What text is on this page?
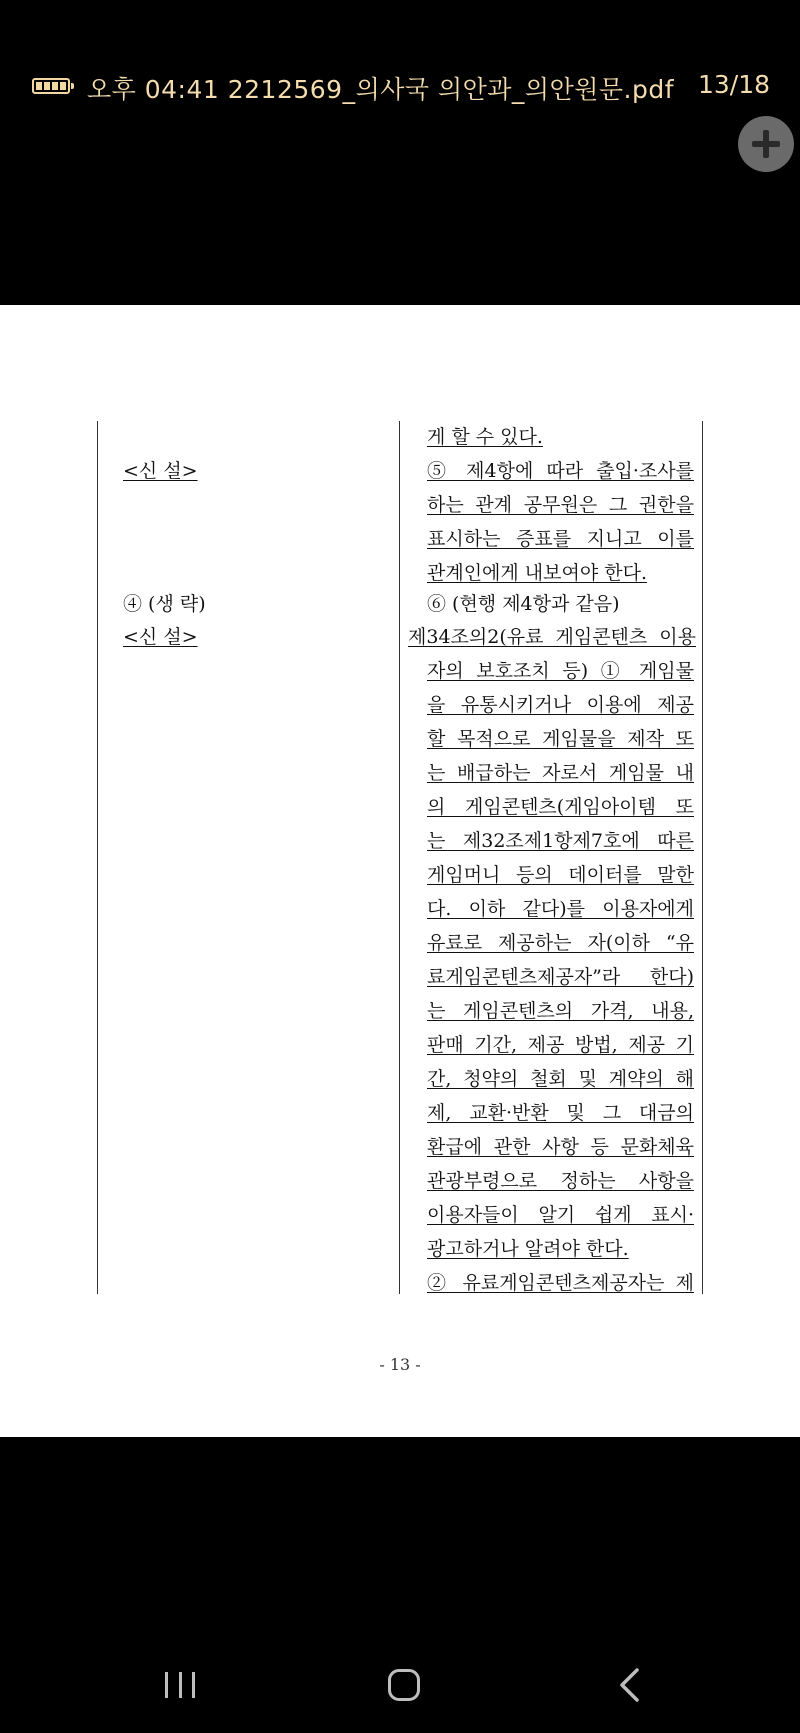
오후 04:41 2212569_의사국 의안과_의안원문.pdf 13/18
<신 설>
④ (생 략)
<신 설>
게 할 수 있다.
⑤ 제4항에 따라 출입·조사를
하는 관계 공무원은 그 권한을
표시하는 증표를 지니고 이를
관계인에게 내보여야 한다.
⑥ (현행 제4항과 같음)
제34조의2(유료 게임콘텐츠 이용
자의 보호조치 등) ① 게임물
을 유통시키거나 이용에 제공
할 목적으로 게임물을 제작 또
는 배급하는 자로서 게임물 내
의 게임콘텐츠(게임아이템 또
는 제32조제1항제7호에 따른
게임머니 등의 데이터를 말한
다. 이하 같다)를 이용자에게
유료로 제공하는 자(이하 “유
료게임콘텐츠제공자”라 한다)
는 게임콘텐츠의 가격, 내용,
판매 기간, 제공 방법, 제공 기
간, 청약의 철회 및 계약의 해
제, 교환·반환 및 그 대금의
환급에 관한 사항 등 문화체육
관광부령으로 정하는 사항을
이용자들이 알기 쉽게 표시·
광고하거나 알려야 한다.
② 유료게임콘텐츠제공자는 제
- 13 -
